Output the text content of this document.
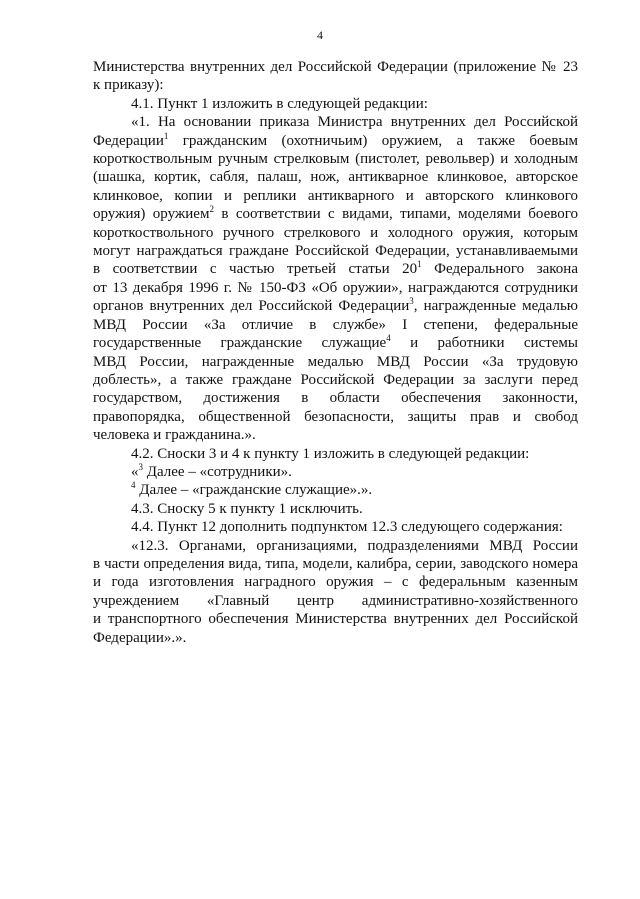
4

Министерства внутренних дел Российской Федерации (приложение № 23
к приказу):

4.1. Пункт 1 изложить в следующей редакции:

«1. На основании приказа Министра внутренних дел Российской
Федерации$^1$ гражданским (охотничьим) оружием, а также боевым
короткоствольным ручным стрелковым (пистолет, револьвер) и холодным
(шашка, кортик, сабля, палаш, нож, антикварное клинковое, авторское
клинковое, копии и реплики антикварного и авторского клинкового
оружия) оружием$^2$ в соответствии с видами, типами, моделями боевого
короткоствольного ручного стрелкового и холодного оружия, которым
могут награждаться граждане Российской Федерации, устанавливаемыми
в соответствии с частью третьей статьи $20^1$ Федерального закона
от 13 декабря 1996 г. № 150-ФЗ «Об оружии», награждаются сотрудники
органов внутренних дел Российской Федерации$^3$, награжденные медалью
МВД России «За отличие в службе» I степени, федеральные
государственные гражданские служащие$^4$ и работники системы
МВД России, награжденные медалью МВД России «За трудовую
доблесть», а также граждане Российской Федерации за заслуги перед
государством, достижения в области обеспечения законности,
правопорядка, общественной безопасности, защиты прав и свобод
человека и гражданина.».

4.2. Сноски 3 и 4 к пункту 1 изложить в следующей редакции:

«$^3$ Далее – «сотрудники».

$^4$ Далее – «гражданские служащие».».

4.3. Сноску 5 к пункту 1 исключить.

4.4. Пункт 12 дополнить подпунктом 12.3 следующего содержания:

«12.3. Органами, организациями, подразделениями МВД России
в части определения вида, типа, модели, калибра, серии, заводского номера
и года изготовления наградного оружия – с федеральным казенным
учреждением «Главный центр административно-хозяйственного
и транспортного обеспечения Министерства внутренних дел Российской
Федерации».».
